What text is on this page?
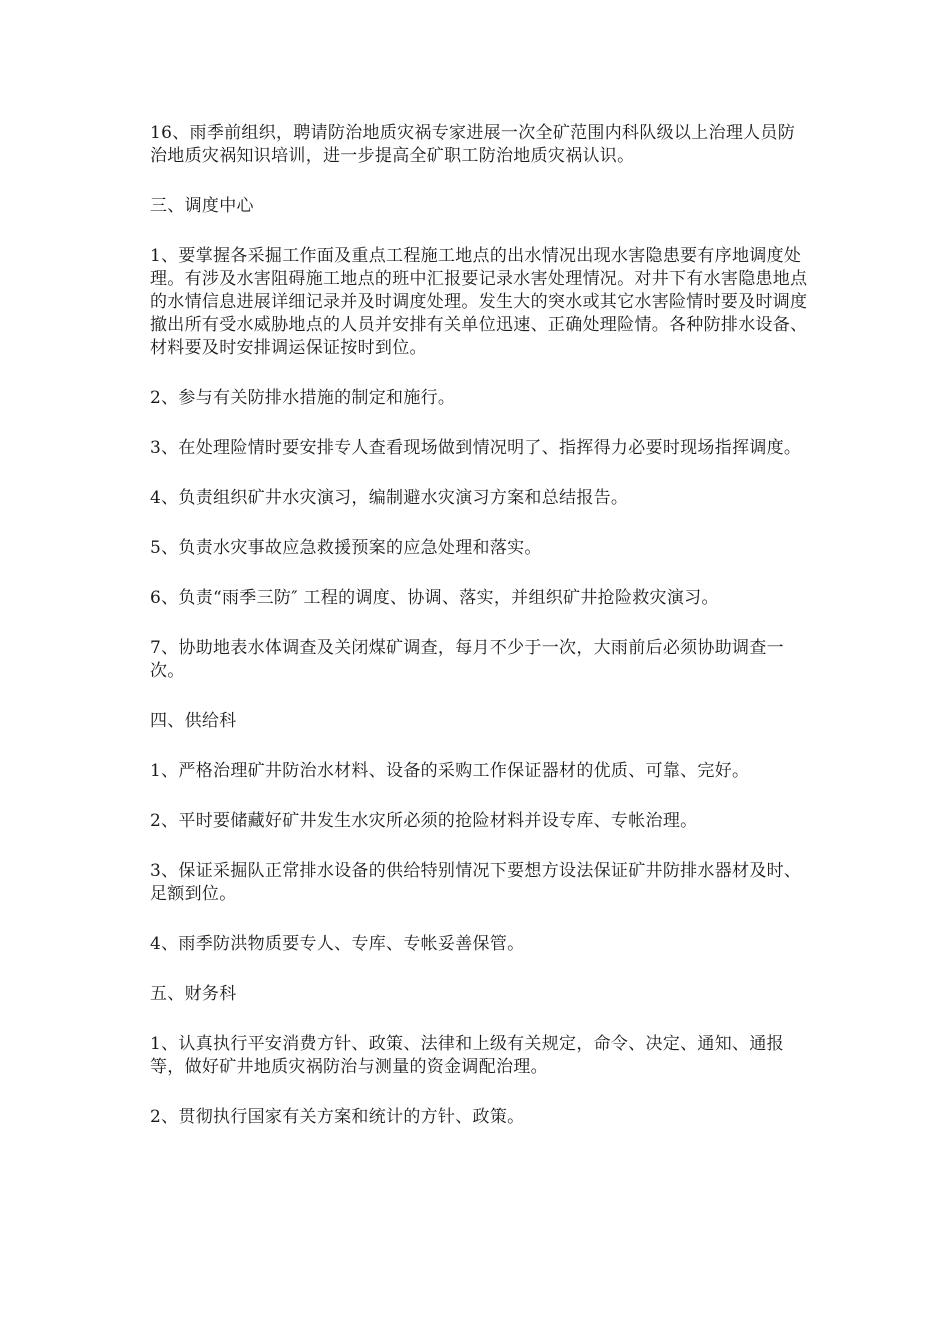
16、雨季前组织，聘请防治地质灾祸专家进展一次全矿范围内科队级以上治理人员防治地质灾祸知识培训，进一步提高全矿职工防治地质灾祸认识。

三、调度中心

1、要掌握各采掘工作面及重点工程施工地点的出水情况出现水害隐患要有序地调度处理。有涉及水害阻碍施工地点的班中汇报要记录水害处理情况。对井下有水害隐患地点的水情信息进展详细记录并及时调度处理。发生大的突水或其它水害险情时要及时调度撤出所有受水威胁地点的人员并安排有关单位迅速、正确处理险情。各种防排水设备、材料要及时安排调运保证按时到位。

2、参与有关防排水措施的制定和施行。

3、在处理险情时要安排专人查看现场做到情况明了、指挥得力必要时现场指挥调度。

4、负责组织矿井水灾演习，编制避水灾演习方案和总结报告。

5、负责水灾事故应急救援预案的应急处理和落实。

6、负责“雨季三防″ 工程的调度、协调、落实，并组织矿井抢险救灾演习。

7、协助地表水体调查及关闭煤矿调查，每月不少于一次，大雨前后必须协助调查一次。

四、供给科

1、严格治理矿井防治水材料、设备的采购工作保证器材的优质、可靠、完好。

2、平时要储藏好矿井发生水灾所必须的抢险材料并设专库、专帐治理。

3、保证采掘队正常排水设备的供给特别情况下要想方设法保证矿井防排水器材及时、足额到位。

4、雨季防洪物质要专人、专库、专帐妥善保管。

五、财务科

1、认真执行平安消费方针、政策、法律和上级有关规定，命令、决定、通知、通报等，做好矿井地质灾祸防治与测量的资金调配治理。

2、贯彻执行国家有关方案和统计的方针、政策。
